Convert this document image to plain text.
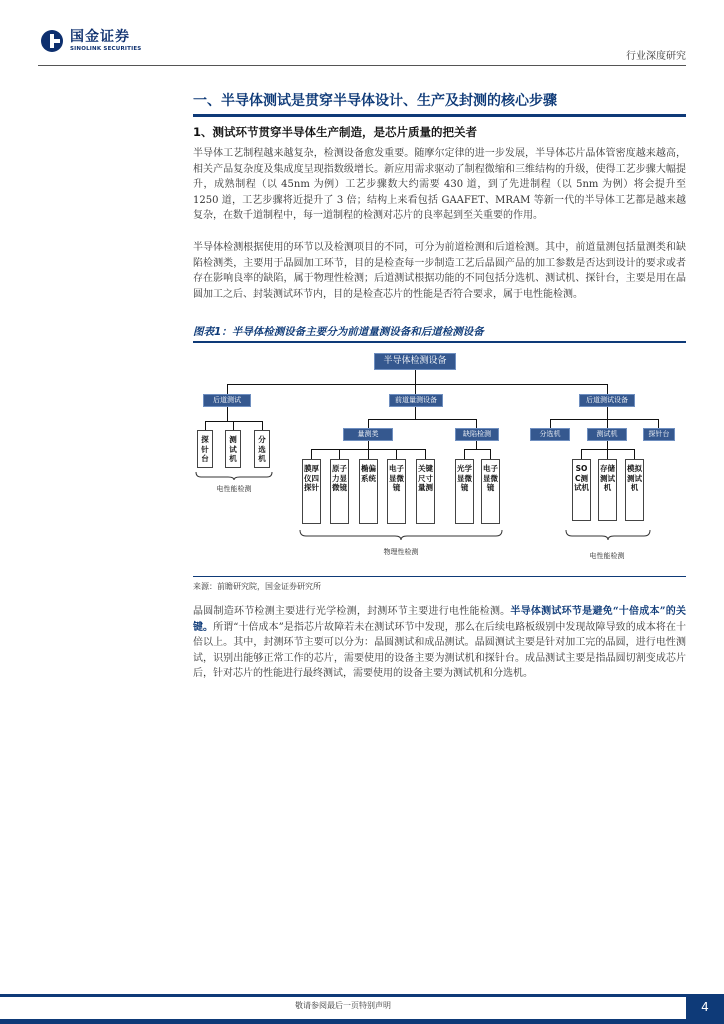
国金证券
SINOLINK SECURITIES
行业深度研究
一、半导体测试是贯穿半导体设计、生产及封测的核心步骤
1、测试环节贯穿半导体生产制造，是芯片质量的把关者

半导体工艺制程越来越复杂，检测设备愈发重要。随摩尔定律的进一步发展，半导体芯片晶体管密度越来越高，相关产品复杂度及集成度呈现指数级增长。新应用需求驱动了制程微缩和三维结构的升级，使得工艺步骤大幅提升，成熟制程（以 45nm 为例）工艺步骤数大约需要 430 道，到了先进制程（以 5nm 为例）将会提升至 1250 道，工艺步骤将近提升了 3 倍；结构上来看包括 GAAFET、MRAM 等新一代的半导体工艺都是越来越复杂，在数千道制程中，每一道制程的检测对芯片的良率起到至关重要的作用。

半导体检测根据使用的环节以及检测项目的不同，可分为前道检测和后道检测。其中，前道量测包括量测类和缺陷检测类，主要用于晶圆加工环节，目的是检查每一步制造工艺后晶圆产品的加工参数是否达到设计的要求或者存在影响良率的缺陷，属于物理性检测；后道测试根据功能的不同包括分选机、测试机、探针台，主要是用在晶圆加工之后、封装测试环节内，目的是检查芯片的性能是否符合要求，属于电性能检测。

图表1：半导体检测设备主要分为前道量测设备和后道检测设备
半导体检测设备
后道测试	前道量测设备	后道测试设备
探针台
测试机
分选机
电性能检测
量测类	缺陷检测
膜厚仪四探针
原子力显微镜
椭偏系统
电子显微镜
关键尺寸量测
光学显微镜
电子显微镜
物理性检测
分选机	测试机	探针台
SOC测试机
存储测试机
模拟测试机
电性能检测
来源：前瞻研究院，国金证券研究所

晶圆制造环节检测主要进行光学检测，封测环节主要进行电性能检测。半导体测试环节是避免“十倍成本”的关键。所谓“十倍成本”是指芯片故障若未在测试环节中发现，那么在后续电路板级别中发现故障导致的成本将在十倍以上。其中，封测环节主要可以分为：晶圆测试和成品测试。晶圆测试主要是针对加工完的晶圆，进行电性测试，识别出能够正常工作的芯片，需要使用的设备主要为测试机和探针台。成品测试主要是指晶圆切割变成芯片后，针对芯片的性能进行最终测试，需要使用的设备主要为测试机和分选机。

敬请参阅最后一页特别声明	4
